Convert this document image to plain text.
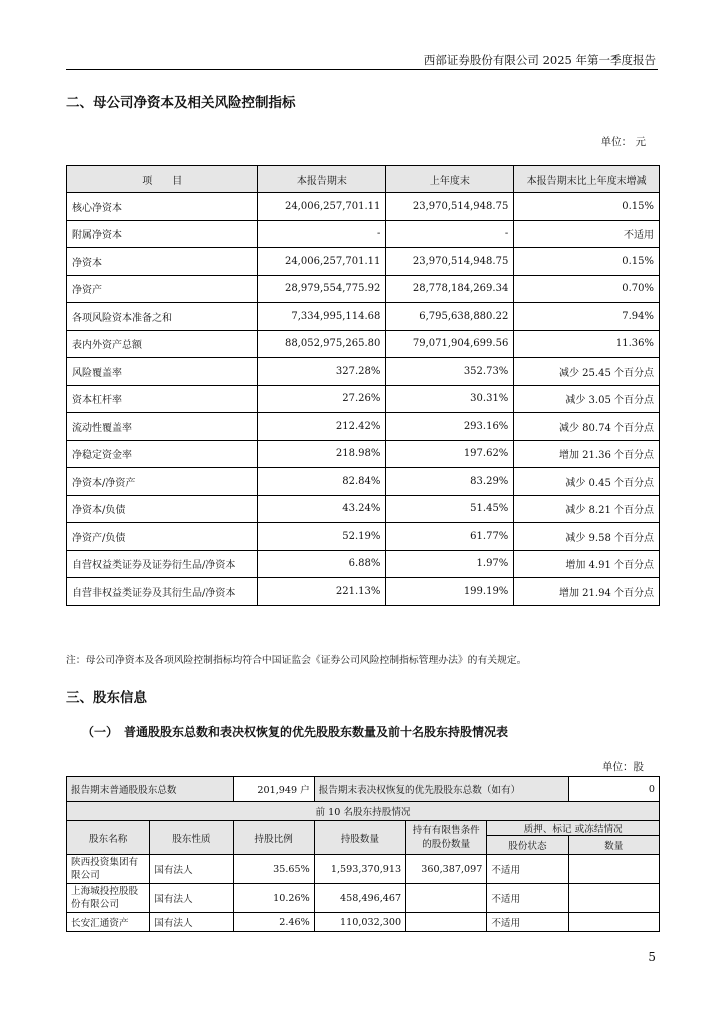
西部证券股份有限公司 2025 年第一季度报告
二、母公司净资本及相关风险控制指标
单位： 元
项　　目	本报告期末	上年度末	本报告期末比上年度末增减
核心净资本	24,006,257,701.11	23,970,514,948.75	0.15%
附属净资本	-	-	不适用
净资本	24,006,257,701.11	23,970,514,948.75	0.15%
净资产	28,979,554,775.92	28,778,184,269.34	0.70%
各项风险资本准备之和	7,334,995,114.68	6,795,638,880.22	7.94%
表内外资产总额	88,052,975,265.80	79,071,904,699.56	11.36%
风险覆盖率	327.28%	352.73%	减少 25.45 个百分点
资本杠杆率	27.26%	30.31%	减少 3.05 个百分点
流动性覆盖率	212.42%	293.16%	减少 80.74 个百分点
净稳定资金率	218.98%	197.62%	增加 21.36 个百分点
净资本/净资产	82.84%	83.29%	减少 0.45 个百分点
净资本/负债	43.24%	51.45%	减少 8.21 个百分点
净资产/负债	52.19%	61.77%	减少 9.58 个百分点
自营权益类证券及证券衍生品/净资本	6.88%	1.97%	增加 4.91 个百分点
自营非权益类证券及其衍生品/净资本	221.13%	199.19%	增加 21.94 个百分点
注：母公司净资本及各项风险控制指标均符合中国证监会《证券公司风险控制指标管理办法》的有关规定。
三、股东信息
（一）　普通股股东总数和表决权恢复的优先股股东数量及前十名股东持股情况表
单位：股
报告期末普通股股东总数		201,949 户	报告期末表决权恢复的优先股股东总数（如有）			0
前 10 名股东持股情况						
股东名称	股东性质	持股比例	持股数量	持有有限售条件的股份数量	质押、标记 或冻结情况	
					股份状态	数量
陕西投资集团有限公司	国有法人	35.65%	1,593,370,913	360,387,097	不适用	
上海城投控股股份有限公司	国有法人	10.26%	458,496,467		不适用	
长安汇通资产	国有法人	2.46%	110,032,300		不适用	
5
